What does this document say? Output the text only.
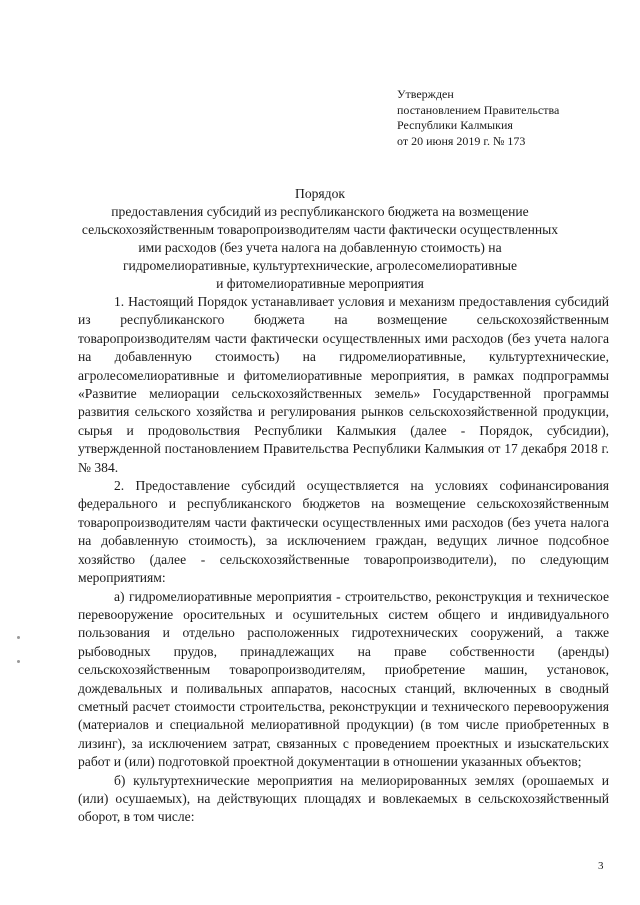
Утвержден
постановлением Правительства
Республики Калмыкия
от 20 июня 2019 г. № 173
Порядок
предоставления субсидий из республиканского бюджета на возмещение
сельскохозяйственным товаропроизводителям части фактически осуществленных
ими расходов (без учета налога на добавленную стоимость) на
гидромелиоративные, культуртехнические, агролесомелиоративные
и фитомелиоративные мероприятия

1. Настоящий Порядок устанавливает условия и механизм предоставления субсидий из республиканского бюджета на возмещение сельскохозяйственным товаропроизводителям части фактически осуществленных ими расходов (без учета налога на добавленную стоимость) на гидромелиоративные, культуртехнические, агролесомелиоративные и фитомелиоративные мероприятия, в рамках подпрограммы «Развитие мелиорации сельскохозяйственных земель» Государственной программы развития сельского хозяйства и регулирования рынков сельскохозяйственной продукции, сырья и продовольствия Республики Калмыкия (далее - Порядок, субсидии), утвержденной постановлением Правительства Республики Калмыкия от 17 декабря 2018 г. № 384.

2. Предоставление субсидий осуществляется на условиях софинансирования федерального и республиканского бюджетов на возмещение сельскохозяйственным товаропроизводителям части фактически осуществленных ими расходов (без учета налога на добавленную стоимость), за исключением граждан, ведущих личное подсобное хозяйство (далее - сельскохозяйственные товаропроизводители), по следующим мероприятиям:

а) гидромелиоративные мероприятия - строительство, реконструкция и техническое перевооружение оросительных и осушительных систем общего и индивидуального пользования и отдельно расположенных гидротехнических сооружений, а также рыбоводных прудов, принадлежащих на праве собственности (аренды) сельскохозяйственным товаропроизводителям, приобретение машин, установок, дождевальных и поливальных аппаратов, насосных станций, включенных в сводный сметный расчет стоимости строительства, реконструкции и технического перевооружения (материалов и специальной мелиоративной продукции) (в том числе приобретенных в лизинг), за исключением затрат, связанных с проведением проектных и изыскательских работ и (или) подготовкой проектной документации в отношении указанных объектов;

б) культуртехнические мероприятия на мелиорированных землях (орошаемых и (или) осушаемых), на действующих площадях и вовлекаемых в сельскохозяйственный оборот, в том числе:

3
